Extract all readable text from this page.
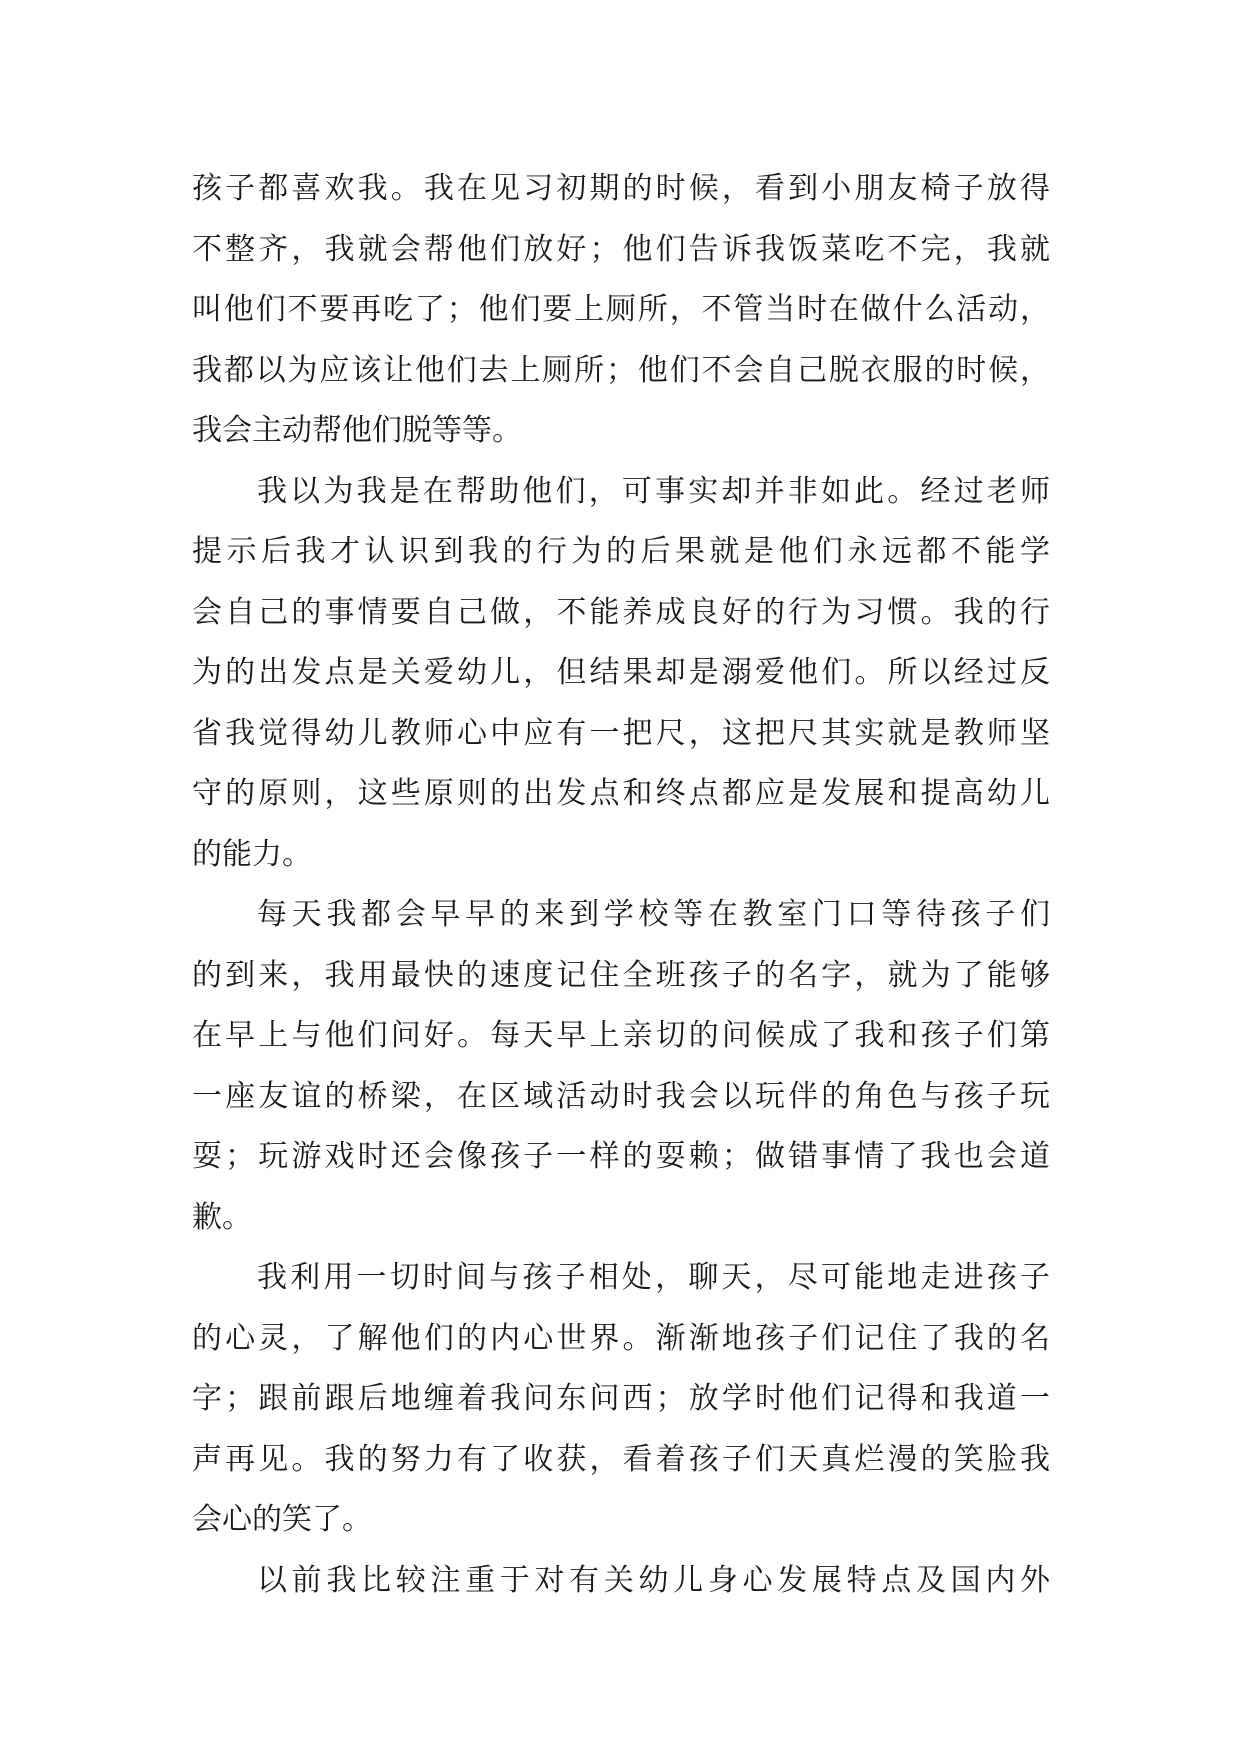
孩子都喜欢我。我在见习初期的时候，看到小朋友椅子放得
不整齐，我就会帮他们放好；他们告诉我饭菜吃不完，我就
叫他们不要再吃了；他们要上厕所，不管当时在做什么活动，
我都以为应该让他们去上厕所；他们不会自己脱衣服的时候，
我会主动帮他们脱等等。
我以为我是在帮助他们，可事实却并非如此。经过老师
提示后我才认识到我的行为的后果就是他们永远都不能学
会自己的事情要自己做，不能养成良好的行为习惯。我的行
为的出发点是关爱幼儿，但结果却是溺爱他们。所以经过反
省我觉得幼儿教师心中应有一把尺，这把尺其实就是教师坚
守的原则，这些原则的出发点和终点都应是发展和提高幼儿
的能力。
每天我都会早早的来到学校等在教室门口等待孩子们
的到来，我用最快的速度记住全班孩子的名字，就为了能够
在早上与他们问好。每天早上亲切的问候成了我和孩子们第
一座友谊的桥梁，在区域活动时我会以玩伴的角色与孩子玩
耍；玩游戏时还会像孩子一样的耍赖；做错事情了我也会道
歉。
我利用一切时间与孩子相处，聊天，尽可能地走进孩子
的心灵，了解他们的内心世界。渐渐地孩子们记住了我的名
字；跟前跟后地缠着我问东问西；放学时他们记得和我道一
声再见。我的努力有了收获，看着孩子们天真烂漫的笑脸我
会心的笑了。
以前我比较注重于对有关幼儿身心发展特点及国内外
